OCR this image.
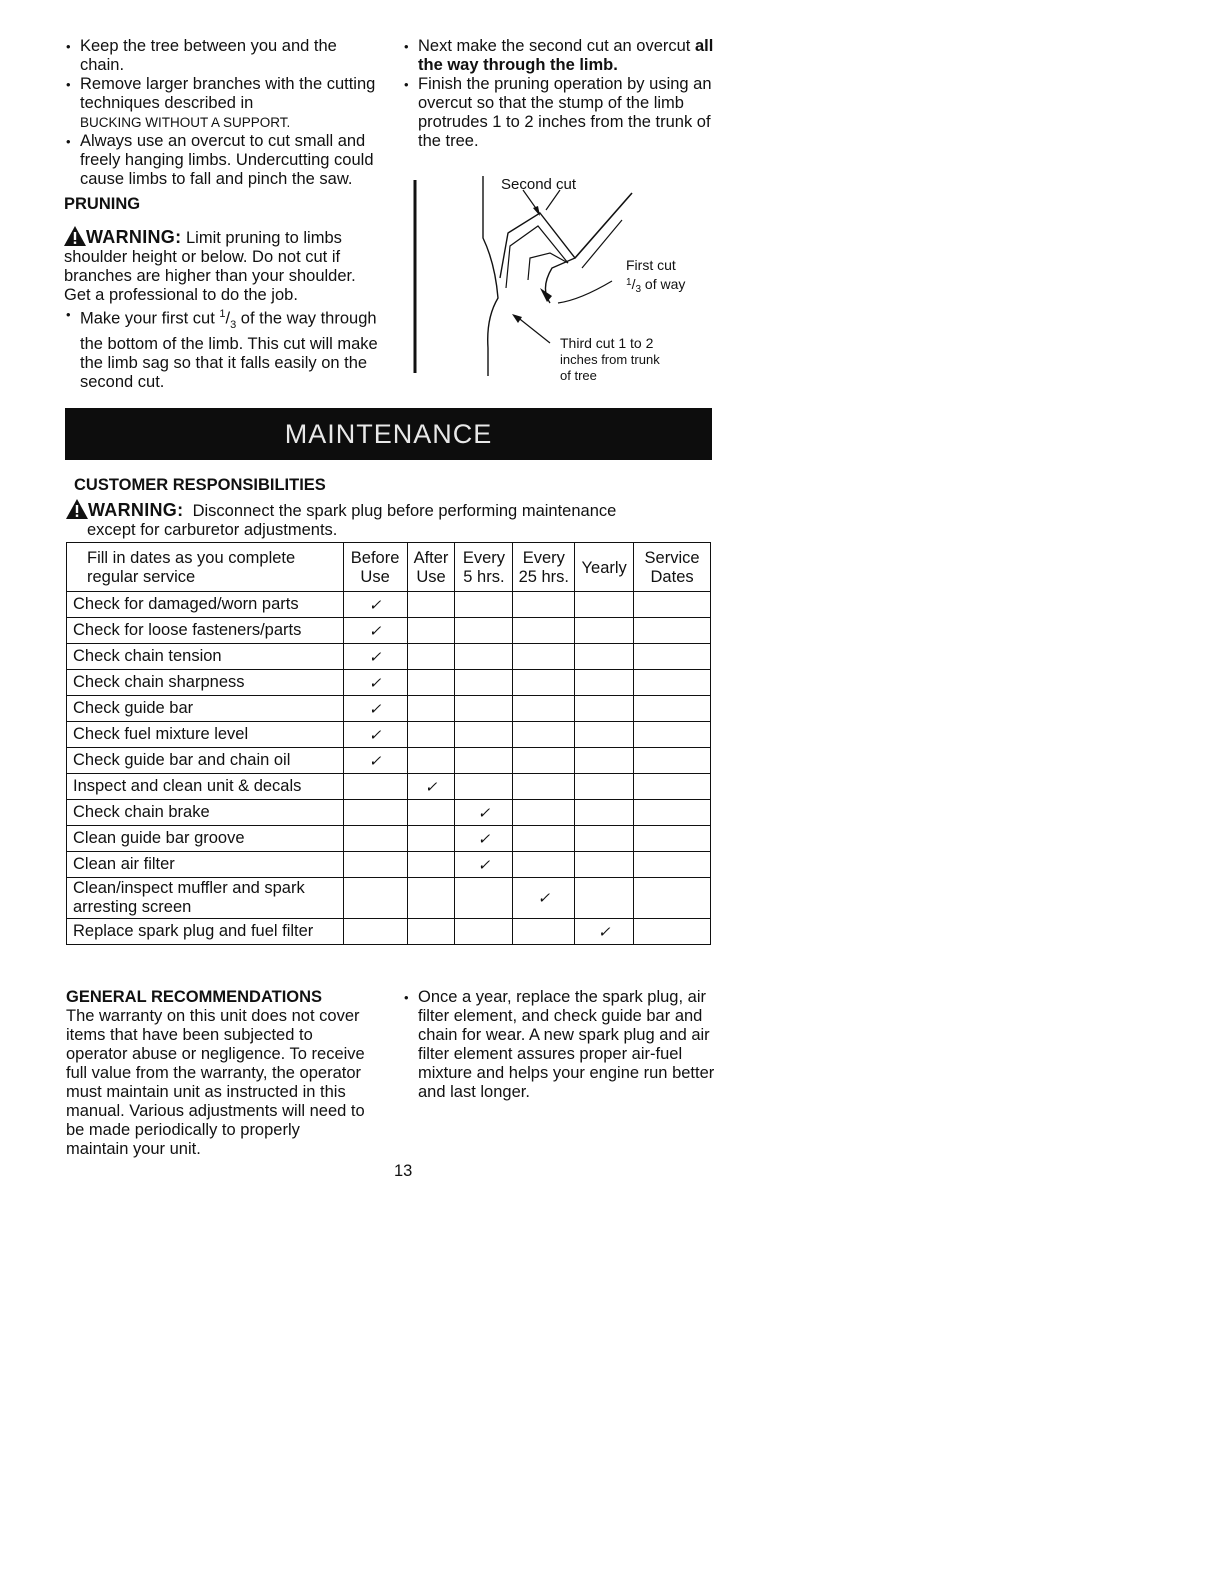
• Keep the tree between you and the chain.
• Remove larger branches with the cutting techniques described in
BUCKING WITHOUT A SUPPORT.
• Always use an overcut to cut small and freely hanging limbs. Undercutting could cause limbs to fall and pinch the saw.
PRUNING
WARNING: Limit pruning to limbs shoulder height or below. Do not cut if branches are higher than your shoulder. Get a professional to do the job.
• Make your first cut $^1/_3$ of the way through the bottom of the limb. This cut will make the limb sag so that it falls easily on the second cut.
• Next make the second cut an overcut all the way through the limb.
• Finish the pruning operation by using an overcut so that the stump of the limb protrudes 1 to 2 inches from the trunk of the tree.
Second cut
First cut
$^1/_3$ of way
Third cut 1 to 2
inches from trunk
of tree
MAINTENANCE
CUSTOMER RESPONSIBILITIES
WARNING: Disconnect the spark plug before performing maintenance
except for carburetor adjustments.
Fill in dates as you complete regular service	Before Use	After Use	Every 5 hrs.	Every 25 hrs.	Yearly	Service Dates
Check for damaged/worn parts	✓					
Check for loose fasteners/parts	✓					
Check chain tension	✓					
Check chain sharpness	✓					
Check guide bar	✓					
Check fuel mixture level	✓					
Check guide bar and chain oil	✓					
Inspect and clean unit & decals		✓				
Check chain brake			✓			
Clean guide bar groove			✓			
Clean air filter			✓			
Clean/inspect muffler and spark arresting screen				✓		
Replace spark plug and fuel filter					✓	
GENERAL RECOMMENDATIONS
The warranty on this unit does not cover items that have been subjected to operator abuse or negligence. To receive full value from the warranty, the operator must maintain unit as instructed in this manual. Various adjustments will need to be made periodically to properly maintain your unit.
• Once a year, replace the spark plug, air filter element, and check guide bar and chain for wear. A new spark plug and air filter element assures proper air-fuel mixture and helps your engine run better and last longer.
13
